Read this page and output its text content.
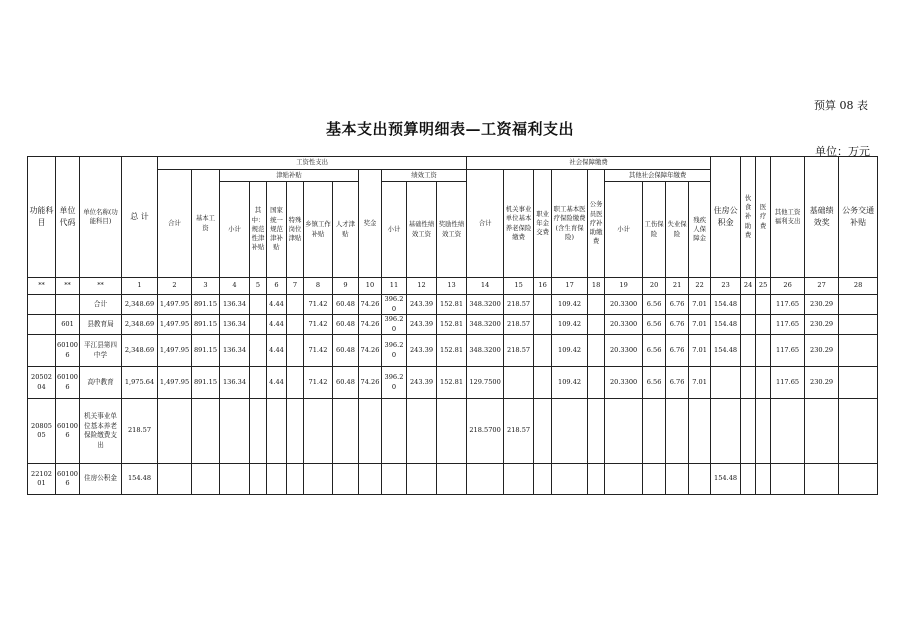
预算 08 表
基本支出预算明细表—工资福利支出
单位：万元
功能科目	单位代码	单位名称(功能科目)	总 计	工资性支出												社会保障缴费									住房公积金	伙食补助费	医疗费	其他工资福利支出	基础绩效奖	公务交通补贴
				合计	基本工资	津贴补贴						奖金	绩效工资			合计	机关事业单位基本养老保险缴费	职业年金交费	职工基本医疗保险缴费(含生育保险)	公务员医疗补助缴费	其他社会保障年缴费									
						小计	其中：规范性津补贴	国家统一规范津补贴	特殊岗位津贴	乡镇工作补贴	人才津贴		小计	基础性绩效工资	奖励性绩效工资						小计	工伤保险	失业保险	残疾人保障金						
**	**	**	1	2	3	4	5	6	7	8	9	10	11	12	13	14	15	16	17	18	19	20	21	22	23	24	25	26	27	28
		合计	2,348.69	1,497.95	891.15	136.34		4.44		71.42	60.48	74.26	396.20	243.39	152.81	348.3200	218.57		109.42		20.3300	6.56	6.76	7.01	154.48			117.65	230.29	
	601	县教育局	2,348.69	1,497.95	891.15	136.34		4.44		71.42	60.48	74.26	396.20	243.39	152.81	348.3200	218.57		109.42		20.3300	6.56	6.76	7.01	154.48			117.65	230.29	
	601006	平江县第四中学	2,348.69	1,497.95	891.15	136.34		4.44		71.42	60.48	74.26	396.20	243.39	152.81	348.3200	218.57		109.42		20.3300	6.56	6.76	7.01	154.48			117.65	230.29	
2050204	601006	高中教育	1,975.64	1,497.95	891.15	136.34		4.44		71.42	60.48	74.26	396.20	243.39	152.81	129.7500			109.42		20.3300	6.56	6.76	7.01				117.65	230.29	
2080505	601006	机关事业单位基本养老保险缴费支出	218.57													218.5700	218.57													
2210201	601006	住房公积金	154.48																						154.48					
